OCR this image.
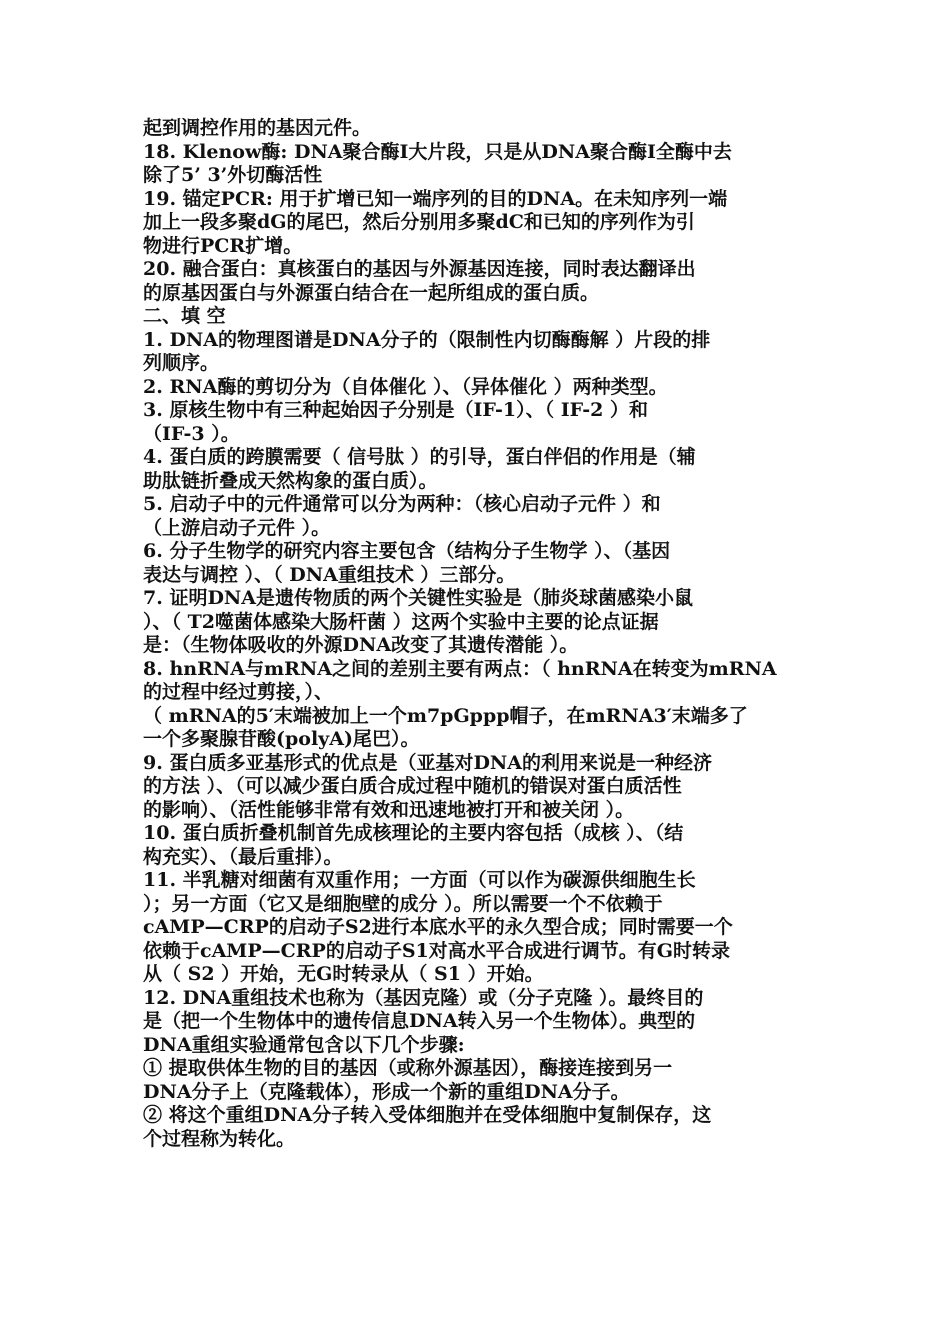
起到调控作用的基因元件。
18. Klenow酶: DNA聚合酶Ⅰ大片段，只是从DNA聚合酶Ⅰ全酶中去
除了5’ 3’外切酶活性
19. 锚定PCR: 用于扩增已知一端序列的目的DNA。在未知序列一端
加上一段多聚dG的尾巴，然后分别用多聚dC和已知的序列作为引
物进行PCR扩增。
20. 融合蛋白：真核蛋白的基因与外源基因连接，同时表达翻译出
的原基因蛋白与外源蛋白结合在一起所组成的蛋白质。
二、填 空
1. DNA的物理图谱是DNA分子的（限制性内切酶酶解 ）片段的排
列顺序。
2. RNA酶的剪切分为（自体催化 ）、（异体催化 ）两种类型。
3. 原核生物中有三种起始因子分别是（IF-1）、（ IF-2 ）和
（IF-3 ）。
4. 蛋白质的跨膜需要（ 信号肽 ）的引导，蛋白伴侣的作用是（辅
助肽链折叠成天然构象的蛋白质）。
5. 启动子中的元件通常可以分为两种：（核心启动子元件 ）和
（上游启动子元件 ）。
6. 分子生物学的研究内容主要包含（结构分子生物学 ）、（基因
表达与调控 ）、（ DNA重组技术 ）三部分。
7. 证明DNA是遗传物质的两个关键性实验是（肺炎球菌感染小鼠
）、（ T2噬菌体感染大肠杆菌 ）这两个实验中主要的论点证据
是：（生物体吸收的外源DNA改变了其遗传潜能 ）。
8. hnRNA与mRNA之间的差别主要有两点：（ hnRNA在转变为mRNA
的过程中经过剪接，）、
（ mRNA的5′末端被加上一个m7pGppp帽子，在mRNA3′末端多了
一个多聚腺苷酸(polyA)尾巴）。
9. 蛋白质多亚基形式的优点是（亚基对DNA的利用来说是一种经济
的方法 ）、（可以减少蛋白质合成过程中随机的错误对蛋白质活性
的影响）、（活性能够非常有效和迅速地被打开和被关闭 ）。
10. 蛋白质折叠机制首先成核理论的主要内容包括（成核 ）、（结
构充实）、（最后重排）。
11. 半乳糖对细菌有双重作用；一方面（可以作为碳源供细胞生长
）；另一方面（它又是细胞壁的成分 ）。所以需要一个不依赖于
cAMP—CRP的启动子S2进行本底水平的永久型合成；同时需要一个
依赖于cAMP—CRP的启动子S1对高水平合成进行调节。有G时转录
从（ S2 ）开始，无G时转录从（ S1 ）开始。
12. DNA重组技术也称为（基因克隆）或（分子克隆 ）。最终目的
是（把一个生物体中的遗传信息DNA转入另一个生物体）。典型的
DNA重组实验通常包含以下几个步骤:
① 提取供体生物的目的基因（或称外源基因），酶接连接到另一
DNA分子上（克隆载体），形成一个新的重组DNA分子。
② 将这个重组DNA分子转入受体细胞并在受体细胞中复制保存，这
个过程称为转化。
